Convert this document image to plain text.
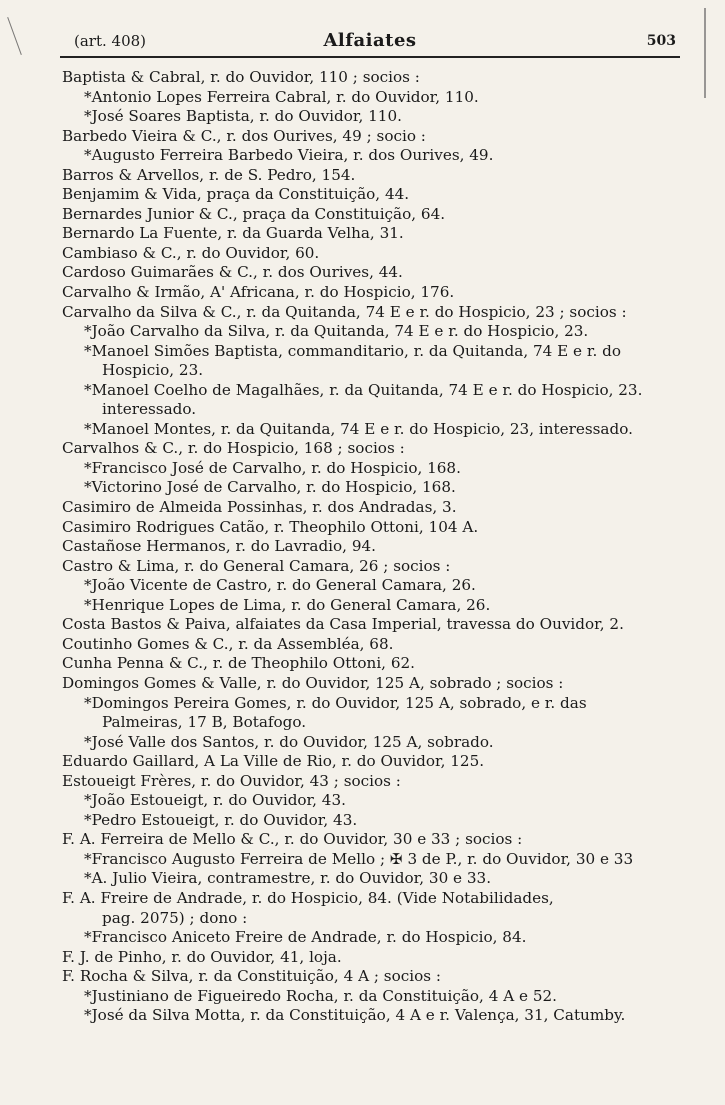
(art. 408)	Alfaiates	503
Baptista & Cabral, r. do Ouvidor, 110 ; socios :
*Antonio Lopes Ferreira Cabral, r. do Ouvidor, 110.
*José Soares Baptista, r. do Ouvidor, 110.
Barbedo Vieira & C., r. dos Ourives, 49 ; socio :
*Augusto Ferreira Barbedo Vieira, r. dos Ourives, 49.
Barros & Arvellos, r. de S. Pedro, 154.
Benjamim & Vida, praça da Constituição, 44.
Bernardes Junior & C., praça da Constituição, 64.
Bernardo La Fuente, r. da Guarda Velha, 31.
Cambiaso & C., r. do Ouvidor, 60.
Cardoso Guimarães & C., r. dos Ourives, 44.
Carvalho & Irmão, A' Africana, r. do Hospicio, 176.
Carvalho da Silva & C., r. da Quitanda, 74 E e r. do Hospicio, 23 ; socios :
*João Carvalho da Silva, r. da Quitanda, 74 E e r. do Hospicio, 23.
*Manoel Simões Baptista, commanditario, r. da Quitanda, 74 E e r. do
Hospicio, 23.
*Manoel Coelho de Magalhães, r. da Quitanda, 74 E e r. do Hospicio, 23.
interessado.
*Manoel Montes, r. da Quitanda, 74 E e r. do Hospicio, 23, interessado.
Carvalhos & C., r. do Hospicio, 168 ; socios :
*Francisco José de Carvalho, r. do Hospicio, 168.
*Victorino José de Carvalho, r. do Hospicio, 168.
Casimiro de Almeida Possinhas, r. dos Andradas, 3.
Casimiro Rodrigues Catão, r. Theophilo Ottoni, 104 A.
Castañose Hermanos, r. do Lavradio, 94.
Castro & Lima, r. do General Camara, 26 ; socios :
*João Vicente de Castro, r. do General Camara, 26.
*Henrique Lopes de Lima, r. do General Camara, 26.
Costa Bastos & Paiva, alfaiates da Casa Imperial, travessa do Ouvidor, 2.
Coutinho Gomes & C., r. da Assembléa, 68.
Cunha Penna & C., r. de Theophilo Ottoni, 62.
Domingos Gomes & Valle, r. do Ouvidor, 125 A, sobrado ; socios :
*Domingos Pereira Gomes, r. do Ouvidor, 125 A, sobrado, e r. das
Palmeiras, 17 B, Botafogo.
*José Valle dos Santos, r. do Ouvidor, 125 A, sobrado.
Eduardo Gaillard, A La Ville de Rio, r. do Ouvidor, 125.
Estoueigt Frères, r. do Ouvidor, 43 ; socios :
*João Estoueigt, r. do Ouvidor, 43.
*Pedro Estoueigt, r. do Ouvidor, 43.
F. A. Ferreira de Mello & C., r. do Ouvidor, 30 e 33 ; socios :
*Francisco Augusto Ferreira de Mello ; ✠ 3 de P., r. do Ouvidor, 30 e 33
*A. Julio Vieira, contramestre, r. do Ouvidor, 30 e 33.
F. A. Freire de Andrade, r. do Hospicio, 84. (Vide Notabilidades,
pag. 2075) ; dono :
*Francisco Aniceto Freire de Andrade, r. do Hospicio, 84.
F. J. de Pinho, r. do Ouvidor, 41, loja.
F. Rocha & Silva, r. da Constituição, 4 A ; socios :
*Justiniano de Figueiredo Rocha, r. da Constituição, 4 A e 52.
*José da Silva Motta, r. da Constituição, 4 A e r. Valença, 31, Catumby.
